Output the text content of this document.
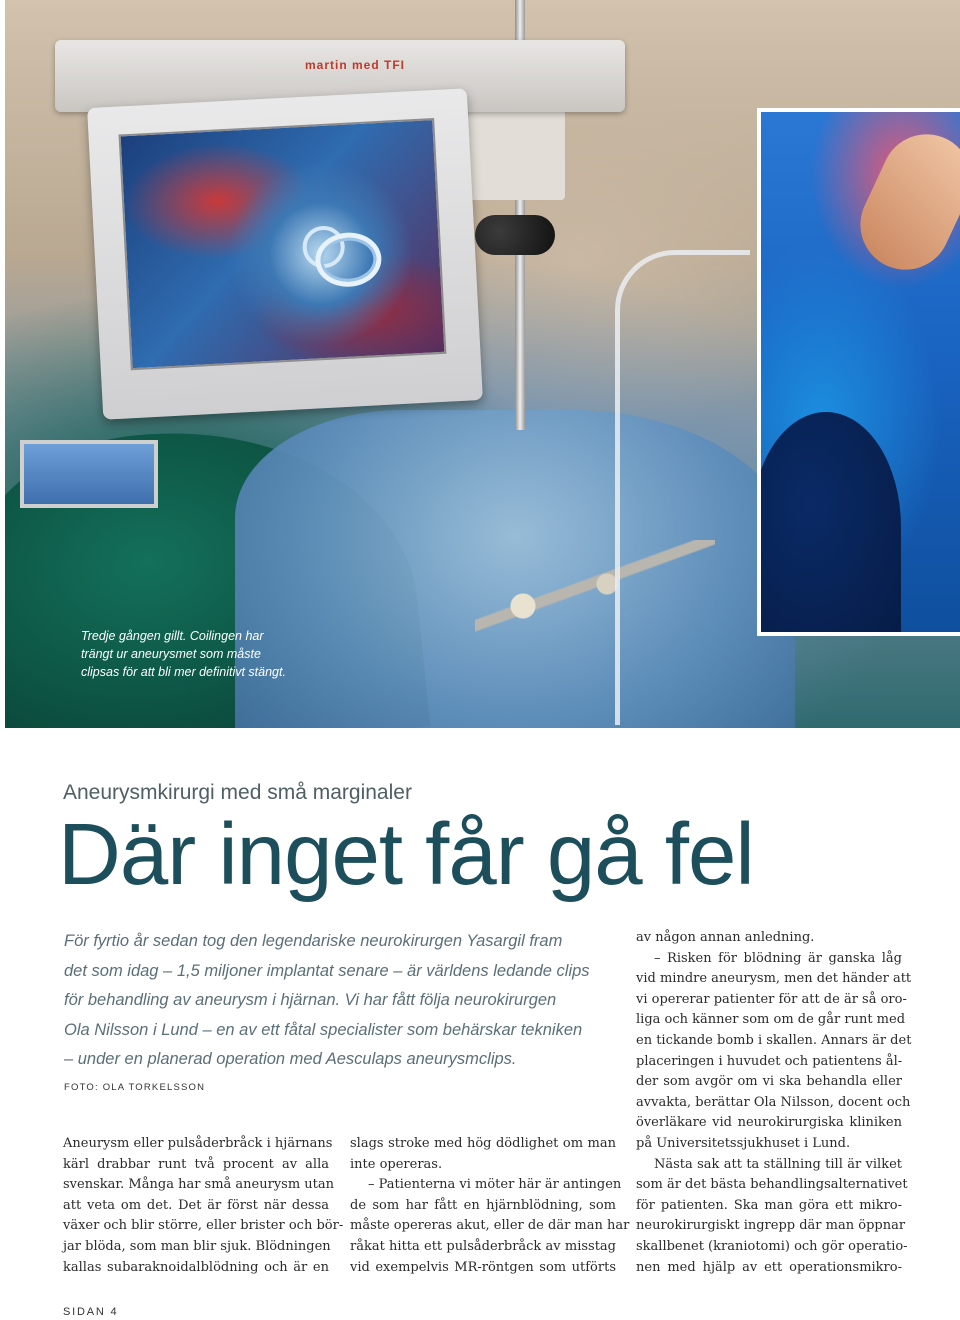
martin med TFI
Tredje gången gillt. Coilingen har
trängt ur aneurysmet som måste
clipsas för att bli mer definitivt stängt.
Aneurysmkirurgi med små marginaler
Där inget får gå fel
För fyrtio år sedan tog den legendariske neurokirurgen Yasargil fram
det som idag – 1,5 miljoner implantat senare – är världens ledande clips
för behandling av aneurysm i hjärnan. Vi har fått följa neurokirurgen
Ola Nilsson i Lund – en av ett fåtal specialister som behärskar tekniken
– under en planerad operation med Aesculaps aneurysmclips.
FOTO: OLA TORKELSSON
Aneurysm eller pulsåderbråck i hjärnans
kärl drabbar runt två procent av alla
svenskar. Många har små aneurysm utan
att veta om det. Det är först när dessa
växer och blir större, eller brister och bör-
jar blöda, som man blir sjuk. Blödningen
kallas subaraknoidalblödning och är en
slags stroke med hög dödlighet om man
inte opereras.
– Patienterna vi möter här är antingen
de som har fått en hjärnblödning, som
måste opereras akut, eller de där man har
råkat hitta ett pulsåderbråck av misstag
vid exempelvis MR-röntgen som utförts
av någon annan anledning.
– Risken för blödning är ganska låg
vid mindre aneurysm, men det händer att
vi opererar patienter för att de är så oro-
liga och känner som om de går runt med
en tickande bomb i skallen. Annars är det
placeringen i huvudet och patientens ål-
der som avgör om vi ska behandla eller
avvakta, berättar Ola Nilsson, docent och
överläkare vid neurokirurgiska kliniken
på Universitetssjukhuset i Lund.
Nästa sak att ta ställning till är vilket
som är det bästa behandlingsalternativet
för patienten. Ska man göra ett mikro-
neurokirurgiskt ingrepp där man öppnar
skallbenet (kraniotomi) och gör operatio-
nen med hjälp av ett operationsmikro-
SIDAN 4
